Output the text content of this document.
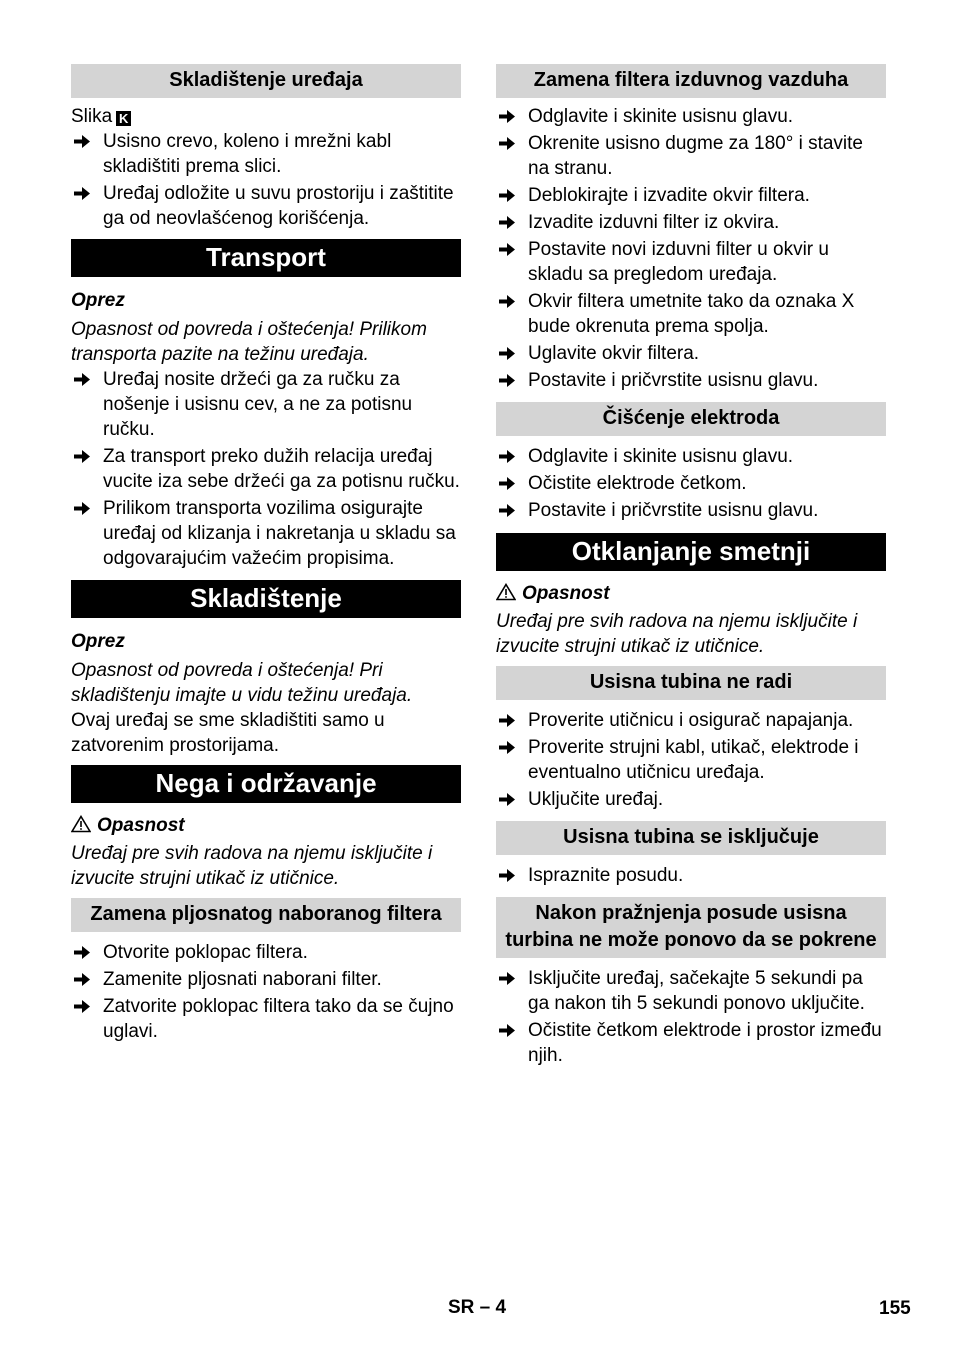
Skladištenje uređaja

Slika K

Usisno crevo, koleno i mrežni kabl skladištiti prema slici.
Uređaj odložite u suvu prostoriju i zaštitite ga od neovlašćenog korišćenja.
Transport

Oprez

Opasnost od povreda i oštećenja! Prilikom transporta pazite na težinu uređaja.

Uređaj nosite držeći ga za ručku za nošenje i usisnu cev, a ne za potisnu ručku.
Za transport preko dužih relacija uređaj vucite iza sebe držeći ga za potisnu ručku.
Prilikom transporta vozilima osigurajte uređaj od klizanja i nakretanja u skladu sa odgovarajućim važećim propisima.
Skladištenje

Oprez

Opasnost od povreda i oštećenja! Pri skladištenju imajte u vidu težinu uređaja.

Ovaj uređaj se sme skladištiti samo u zatvorenim prostorijama.

Nega i održavanje

Opasnost

Uređaj pre svih radova na njemu isključite i izvucite strujni utikač iz utičnice.

Zamena pljosnatog naboranog filtera
Otvorite poklopac filtera.
Zamenite pljosnati naborani filter.
Zatvorite poklopac filtera tako da se čujno uglavi.
Zamena filtera izduvnog vazduha
Odglavite i skinite usisnu glavu.
Okrenite usisno dugme za 180° i stavite na stranu.
Deblokirajte i izvadite okvir filtera.
Izvadite izduvni filter iz okvira.
Postavite novi izduvni filter u okvir u skladu sa pregledom uređaja.
Okvir filtera umetnite tako da oznaka X bude okrenuta prema spolja.
Uglavite okvir filtera.
Postavite i pričvrstite usisnu glavu.
Čišćenje elektroda
Odglavite i skinite usisnu glavu.
Očistite elektrode četkom.
Postavite i pričvrstite usisnu glavu.
Otklanjanje smetnji

Opasnost

Uređaj pre svih radova na njemu isključite i izvucite strujni utikač iz utičnice.

Usisna tubina ne radi
Proverite utičnicu i osigurač napajanja.
Proverite strujni kabl, utikač, elektrode i eventualno utičnicu uređaja.
Uključite uređaj.
Usisna tubina se isključuje
Ispraznite posudu.
Nakon pražnjenja posude usisna turbina ne može ponovo da se pokrene
Isključite uređaj, sačekajte 5 sekundi pa ga nakon tih 5 sekundi ponovo uključite.
Očistite četkom elektrode i prostor između njih.
SR – 4	155
